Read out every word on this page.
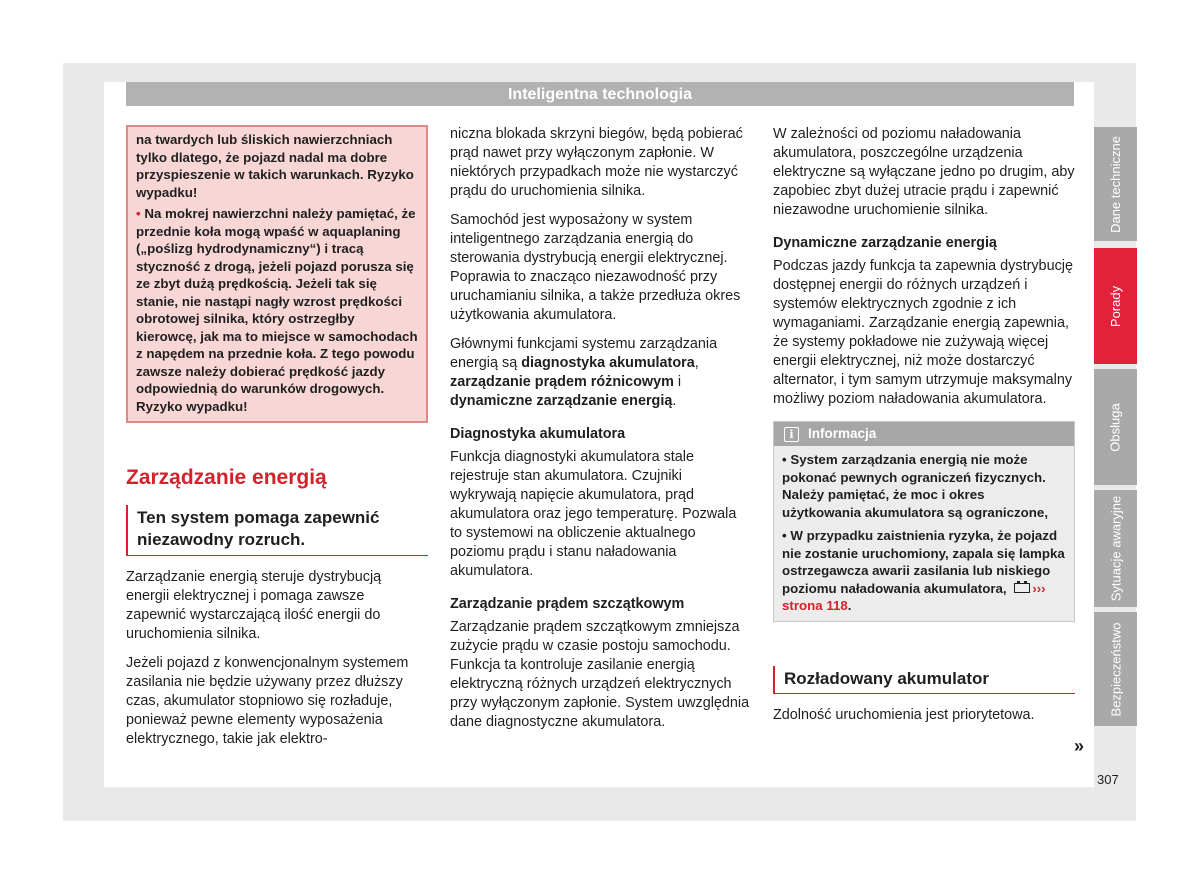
Inteligentna technologia

na twardych lub śliskich nawierzchniach tylko dlatego, że pojazd nadal ma dobre przyspieszenie w takich warunkach. Ryzyko wypadku!

• Na mokrej nawierzchni należy pamiętać, że przednie koła mogą wpaść w aquaplaning („poślizg hydrodynamiczny“) i tracą styczność z drogą, jeżeli pojazd porusza się ze zbyt dużą prędkością. Jeżeli tak się stanie, nie nastąpi nagły wzrost prędkości obrotowej silnika, który ostrzegłby kierowcę, jak ma to miejsce w samochodach z napędem na przednie koła. Z tego powodu zawsze należy dobierać prędkość jazdy odpowiednią do warunków drogowych. Ryzyko wypadku!

Zarządzanie energią
Ten system pomaga zapewnić niezawodny rozruch.

Zarządzanie energią steruje dystrybucją energii elektrycznej i pomaga zawsze zapewnić wystarczającą ilość energii do uruchomienia silnika.

Jeżeli pojazd z konwencjonalnym systemem zasilania nie będzie używany przez dłuższy czas, akumulator stopniowo się rozładuje, ponieważ pewne elementy wyposażenia elektrycznego, takie jak elektro-

niczna blokada skrzyni biegów, będą pobierać prąd nawet przy wyłączonym zapłonie. W niektórych przypadkach może nie wystarczyć prądu do uruchomienia silnika.

Samochód jest wyposażony w system inteligentnego zarządzania energią do sterowania dystrybucją energii elektrycznej. Poprawia to znacząco niezawodność przy uruchamianiu silnika, a także przedłuża okres użytkowania akumulatora.

Głównymi funkcjami systemu zarządzania energią są diagnostyka akumulatora, zarządzanie prądem różnicowym i dynamiczne zarządzanie energią.

Diagnostyka akumulatora

Funkcja diagnostyki akumulatora stale rejestruje stan akumulatora. Czujniki wykrywają napięcie akumulatora, prąd akumulatora oraz jego temperaturę. Pozwala to systemowi na obliczenie aktualnego poziomu prądu i stanu naładowania akumulatora.

Zarządzanie prądem szczątkowym

Zarządzanie prądem szczątkowym zmniejsza zużycie prądu w czasie postoju samochodu. Funkcja ta kontroluje zasilanie energią elektryczną różnych urządzeń elektrycznych przy wyłączonym zapłonie. System uwzględnia dane diagnostyczne akumulatora.

W zależności od poziomu naładowania akumulatora, poszczególne urządzenia elektryczne są wyłączane jedno po drugim, aby zapobiec zbyt dużej utracie prądu i zapewnić niezawodne uruchomienie silnika.

Dynamiczne zarządzanie energią

Podczas jazdy funkcja ta zapewnia dystrybucję dostępnej energii do różnych urządzeń i systemów elektrycznych zgodnie z ich wymaganiami. Zarządzanie energią zapewnia, że systemy pokładowe nie zużywają więcej energii elektrycznej, niż może dostarczyć alternator, i tym samym utrzymuje maksymalny możliwy poziom naładowania akumulatora.

i	Informacja

• System zarządzania energią nie może pokonać pewnych ograniczeń fizycznych. Należy pamiętać, że moc i okres użytkowania akumulatora są ograniczone,

• W przypadku zaistnienia ryzyka, że pojazd nie zostanie uruchomiony, zapala się lampka ostrzegawcza awarii zasilania lub niskiego poziomu naładowania akumulatora, ››› strona 118.

Rozładowany akumulator

Zdolność uruchomienia jest priorytetowa.

»
Dane techniczne
Porady
Obsługa
Sytuacje awaryjne
Bezpieczeństwo
307
